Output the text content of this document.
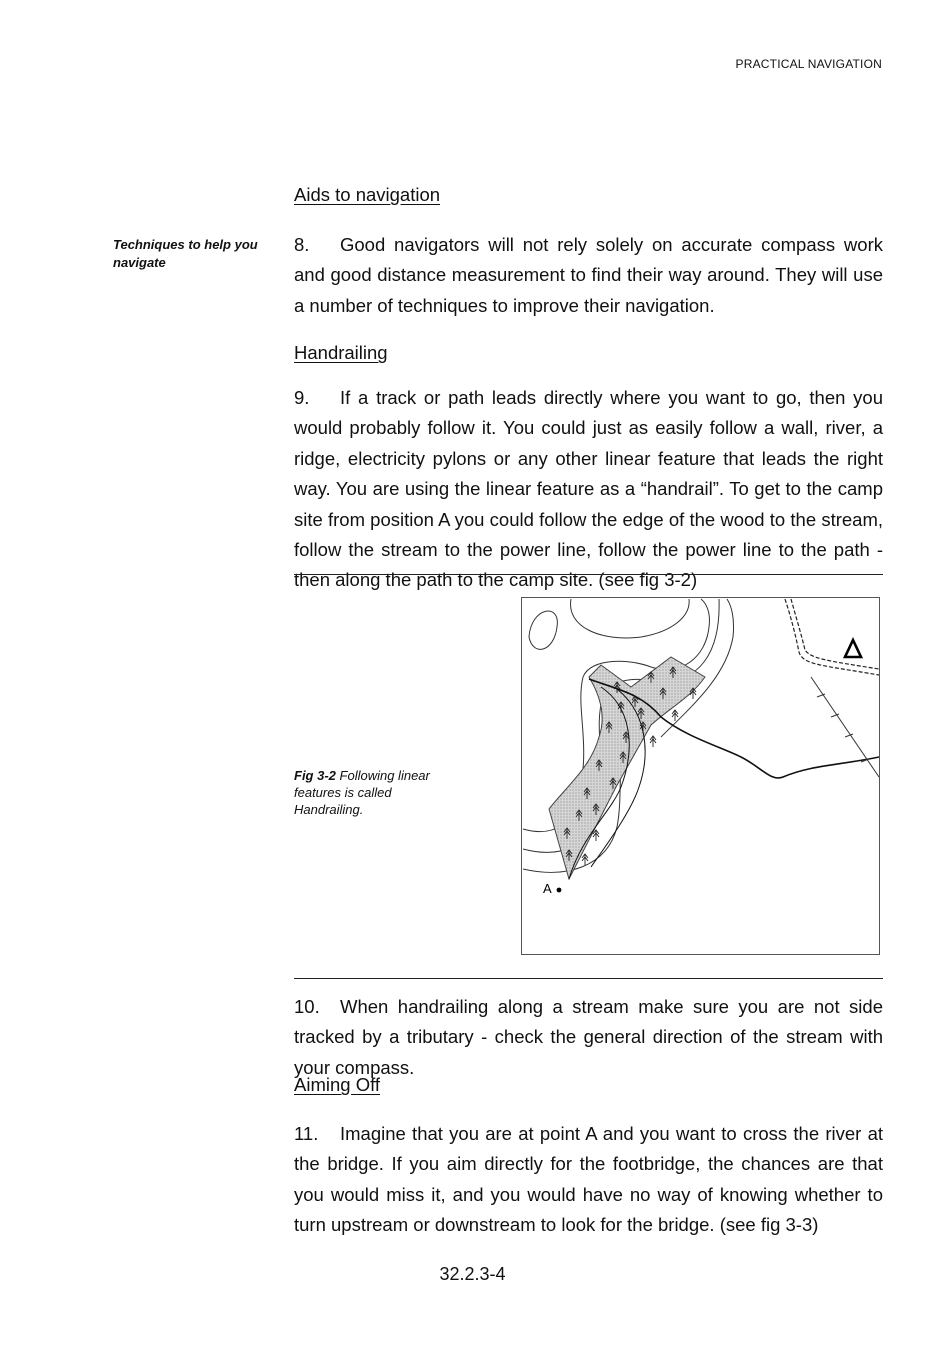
PRACTICAL NAVIGATION
Aids to navigation
Techniques to help you navigate

8. Good navigators will not rely solely on accurate compass work and good distance measurement to find their way around. They will use a number of techniques to improve their navigation.

Handrailing

9. If a track or path leads directly where you want to go, then you would probably follow it. You could just as easily follow a wall, river, a ridge, electricity pylons or any other linear feature that leads the right way. You are using the linear feature as a “handrail”. To get to the camp site from position A you could follow the edge of the wood to the stream, follow the stream to the power line, follow the power line to the path - then along the path to the camp site. (see fig 3-2)

Fig 3-2 Following linear features is called Handrailing.
A

10. When handrailing along a stream make sure you are not side tracked by a tributary - check the general direction of the stream with your compass.

Aiming Off

11. Imagine that you are at point A and you want to cross the river at the bridge. If you aim directly for the footbridge, the chances are that you would miss it, and you would have no way of knowing whether to turn upstream or downstream to look for the bridge. (see fig 3-3)

32.2.3-4
